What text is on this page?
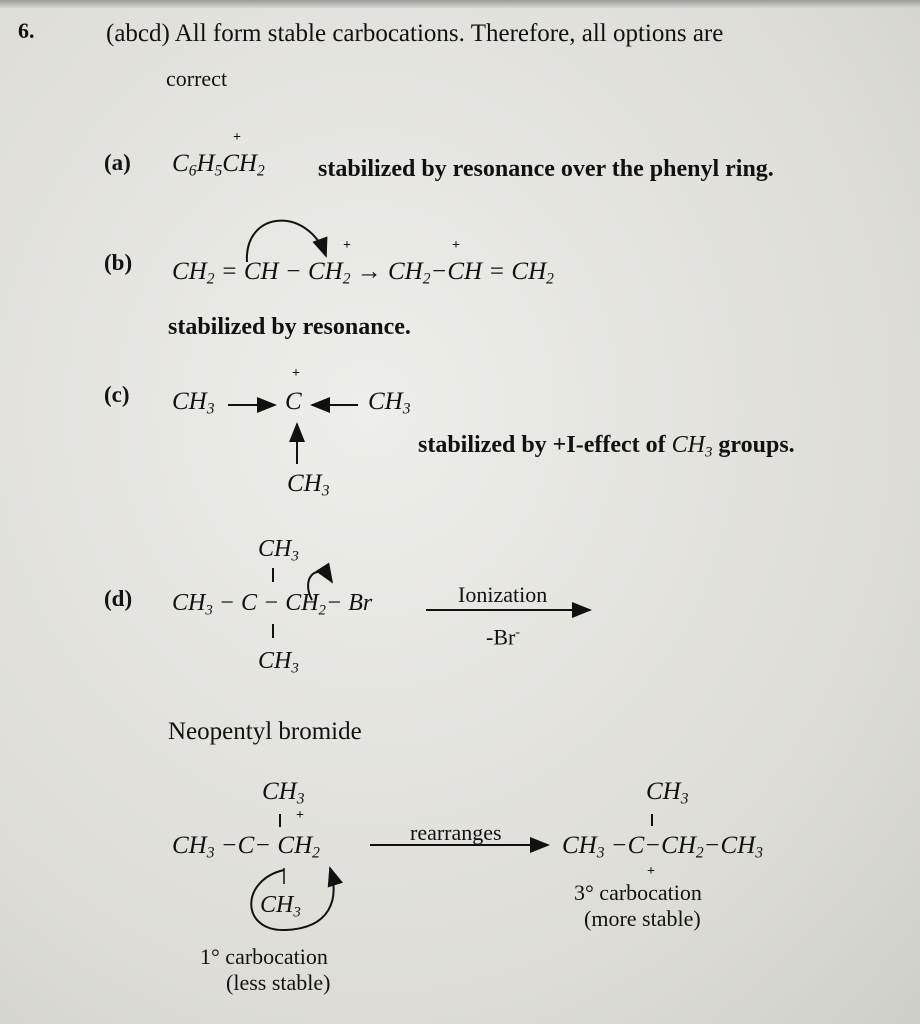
6.	(abcd) All form stable carbocations. Therefore, all options are
correct
(a) $C_6H_5CH_2$
+
stabilized by resonance over the phenyl ring.
(b) $CH_2$ = CH − $CH_2 \to CH_2-CH = CH_2$
+	+
stabilized by resonance.
(c) $CH_3$	C
+
$CH_3$
$CH_3$
stabilized by +I-effect of $CH_3$ groups.
(d)
$CH_3$
$CH_3 - C - CH_2- Br$
$CH_3$
Ionization
-Br-
Neopentyl bromide
$CH_3$
+
$CH_3 -C- CH_2$
$CH_3$
1° carbocation
(less stable)
rearranges
$CH_3$
$CH_3 -C-CH_2-CH_3$
+
3° carbocation
(more stable)
